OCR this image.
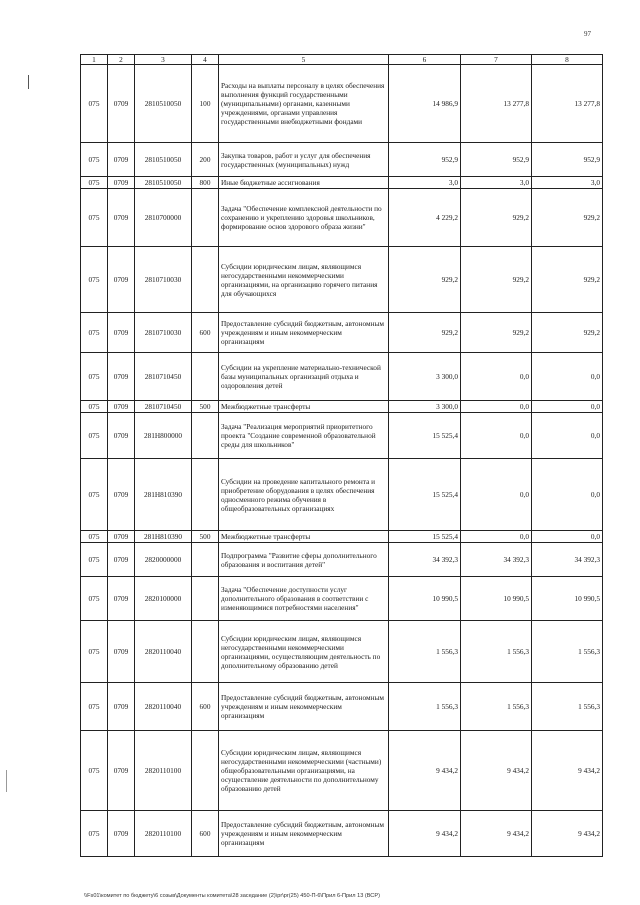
97
1	2	3	4	5	6	7	8
075	0709	2810510050	100	Расходы на выплаты персоналу в целях обеспечения выполнения функций государственными (муниципальными) органами, казенными учреждениями, органами управления государственными внебюджетными фондами	14 986,9	13 277,8	13 277,8
075	0709	2810510050	200	Закупка товаров, работ и услуг для обеспечения государственных (муниципальных) нужд	952,9	952,9	952,9
075	0709	2810510050	800	Иные бюджетные ассигнования	3,0	3,0	3,0
075	0709	2810700000		Задача "Обеспечение комплексной деятельности по сохранению и укреплению здоровья школьников, формирование основ здорового образа жизни"	4 229,2	929,2	929,2
075	0709	2810710030		Субсидии юридическим лицам, являющимся негосударственными некоммерческими организациями, на организацию горячего питания для обучающихся	929,2	929,2	929,2
075	0709	2810710030	600	Предоставление субсидий бюджетным, автономным учреждениям и иным некоммерческим организациям	929,2	929,2	929,2
075	0709	2810710450		Субсидии на укрепление материально-технической базы муниципальных организаций отдыха и оздоровления детей	3 300,0	0,0	0,0
075	0709	2810710450	500	Межбюджетные трансферты	3 300,0	0,0	0,0
075	0709	281Н800000		Задача "Реализация мероприятий приоритетного проекта "Создание современной образовательной среды для школьников"	15 525,4	0,0	0,0
075	0709	281Н810390		Субсидии на проведение капитального ремонта и приобретение оборудования в целях обеспечения односменного режима обучения в общеобразовательных организациях	15 525,4	0,0	0,0
075	0709	281Н810390	500	Межбюджетные трансферты	15 525,4	0,0	0,0
075	0709	2820000000		Подпрограмма "Развитие сферы дополнительного образования и воспитания детей"	34 392,3	34 392,3	34 392,3
075	0709	2820100000		Задача "Обеспечение доступности услуг дополнительного образования в соответствии с изменяющимися потребностями населения"	10 990,5	10 990,5	10 990,5
075	0709	2820110040		Субсидии юридическим лицам, являющимся негосударственными некоммерческими организациями, осуществляющим деятельность по дополнительному образованию детей	1 556,3	1 556,3	1 556,3
075	0709	2820110040	600	Предоставление субсидий бюджетным, автономным учреждениям и иным некоммерческим организациям	1 556,3	1 556,3	1 556,3
075	0709	2820110100		Субсидии юридическим лицам, являющимся негосударственными некоммерческими (частными) общеобразовательными организациями, на осуществление деятельности по дополнительному образованию детей	9 434,2	9 434,2	9 434,2
075	0709	2820110100	600	Предоставление субсидий бюджетным, автономным учреждениям и иным некоммерческим организациям	9 434,2	9 434,2	9 434,2
\\Fs01\комитет по бюджету\6 созыв\Документы комитета\28 заседание (2)\pr\pr(25) 450-П-6\Прил 6-Прил 13 (ВСР)
